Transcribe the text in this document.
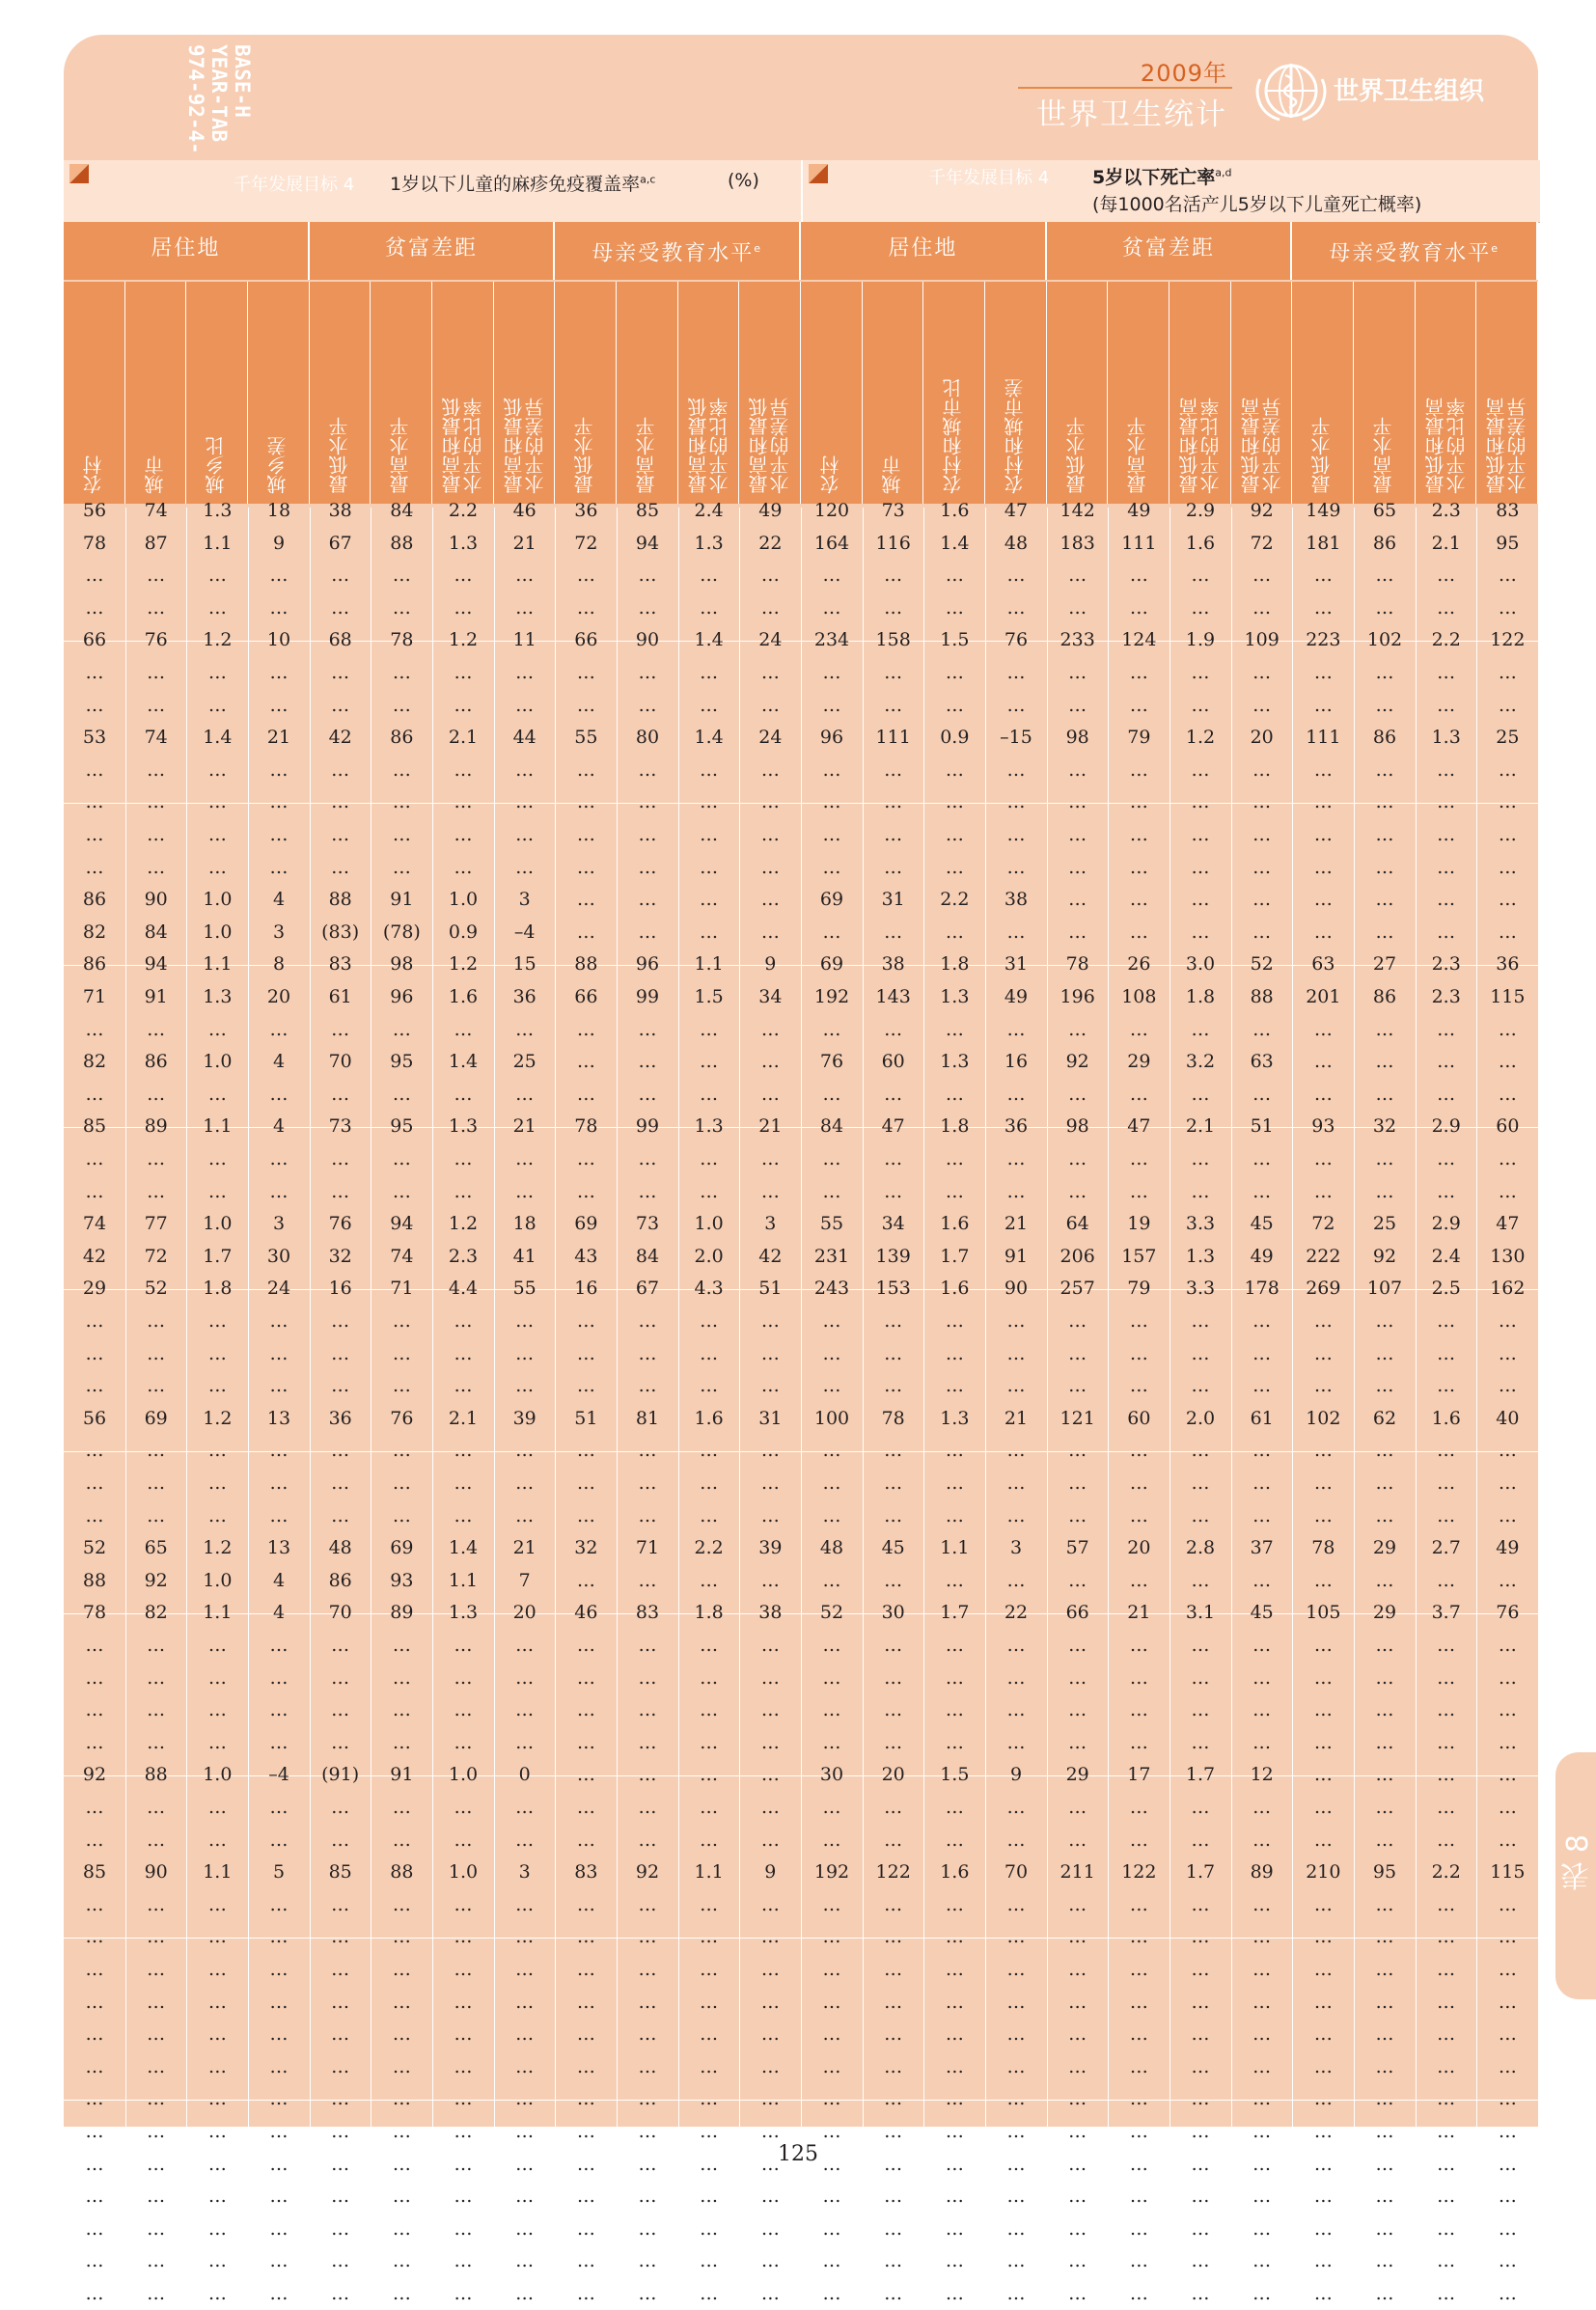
974-92-4- YEAR-TAB BASE-H	2009年
世界卫生统计
世界卫生组织
千年发展目标 4 1岁以下儿童的麻疹免疫覆盖率$^{a,c}$	(%)	千年发展目标 4 5岁以下死亡率$^{a,d}$
(每1000名活产儿5岁以下儿童死亡概率)
居住地	贫富差距	母亲受教育水平$^e$	居住地	贫富差距	母亲受教育水平$^e$
农村 城市 城乡比 城乡差 最低水平 最高水平 最高和最低
水平的比率 最高和最低
水平的差异 最低水平 最高水平 最高和最低
水平的比率 最高和最低
水平的差异 农村 城市 农村和城市比 农村和城市差 最低水平 最高水平 最低和最高
水平的比率 最低和最高
水平的差异 最低水平 最高水平 最低和最高
水平的比率 最低和最高
水平的差异
56	74	1.3	18	38	84	2.2	46	36	85	2.4	49	120	73	1.6	47	142	49	2.9	92	149	65	2.3	83
78	87	1.1	9	67	88	1.3	21	72	94	1.3	22	164	116	1.4	48	183	111	1.6	72	181	86	2.1	95
…	…	…	…	…	…	…	…	…	…	…	…	…	…	…	…	…	…	…	…	…	…	…	…
…	…	…	…	…	…	…	…	…	…	…	…	…	…	…	…	…	…	…	…	…	…	…	…
66	76	1.2	10	68	78	1.2	11	66	90	1.4	24	234	158	1.5	76	233	124	1.9	109	223	102	2.2	122
…	…	…	…	…	…	…	…	…	…	…	…	…	…	…	…	…	…	…	…	…	…	…	…
…	…	…	…	…	…	…	…	…	…	…	…	…	…	…	…	…	…	…	…	…	…	…	…
53	74	1.4	21	42	86	2.1	44	55	80	1.4	24	96	111	0.9	–15	98	79	1.2	20	111	86	1.3	25
…	…	…	…	…	…	…	…	…	…	…	…	…	…	…	…	…	…	…	…	…	…	…	…
…	…	…	…	…	…	…	…	…	…	…	…	…	…	…	…	…	…	…	…	…	…	…	…
…	…	…	…	…	…	…	…	…	…	…	…	…	…	…	…	…	…	…	…	…	…	…	…
…	…	…	…	…	…	…	…	…	…	…	…	…	…	…	…	…	…	…	…	…	…	…	…
86	90	1.0	4	88	91	1.0	3	…	…	…	…	69	31	2.2	38	…	…	…	…	…	…	…	…
82	84	1.0	3	(83)	(78)	0.9	–4	…	…	…	…	…	…	…	…	…	…	…	…	…	…	…	…
86	94	1.1	8	83	98	1.2	15	88	96	1.1	9	69	38	1.8	31	78	26	3.0	52	63	27	2.3	36
71	91	1.3	20	61	96	1.6	36	66	99	1.5	34	192	143	1.3	49	196	108	1.8	88	201	86	2.3	115
…	…	…	…	…	…	…	…	…	…	…	…	…	…	…	…	…	…	…	…	…	…	…	…
82	86	1.0	4	70	95	1.4	25	…	…	…	…	76	60	1.3	16	92	29	3.2	63	…	…	…	…
…	…	…	…	…	…	…	…	…	…	…	…	…	…	…	…	…	…	…	…	…	…	…	…
85	89	1.1	4	73	95	1.3	21	78	99	1.3	21	84	47	1.8	36	98	47	2.1	51	93	32	2.9	60
…	…	…	…	…	…	…	…	…	…	…	…	…	…	…	…	…	…	…	…	…	…	…	…
…	…	…	…	…	…	…	…	…	…	…	…	…	…	…	…	…	…	…	…	…	…	…	…
74	77	1.0	3	76	94	1.2	18	69	73	1.0	3	55	34	1.6	21	64	19	3.3	45	72	25	2.9	47
42	72	1.7	30	32	74	2.3	41	43	84	2.0	42	231	139	1.7	91	206	157	1.3	49	222	92	2.4	130
29	52	1.8	24	16	71	4.4	55	16	67	4.3	51	243	153	1.6	90	257	79	3.3	178	269	107	2.5	162
…	…	…	…	…	…	…	…	…	…	…	…	…	…	…	…	…	…	…	…	…	…	…	…
…	…	…	…	…	…	…	…	…	…	…	…	…	…	…	…	…	…	…	…	…	…	…	…
…	…	…	…	…	…	…	…	…	…	…	…	…	…	…	…	…	…	…	…	…	…	…	…
56	69	1.2	13	36	76	2.1	39	51	81	1.6	31	100	78	1.3	21	121	60	2.0	61	102	62	1.6	40
…	…	…	…	…	…	…	…	…	…	…	…	…	…	…	…	…	…	…	…	…	…	…	…
…	…	…	…	…	…	…	…	…	…	…	…	…	…	…	…	…	…	…	…	…	…	…	…
…	…	…	…	…	…	…	…	…	…	…	…	…	…	…	…	…	…	…	…	…	…	…	…
52	65	1.2	13	48	69	1.4	21	32	71	2.2	39	48	45	1.1	3	57	20	2.8	37	78	29	2.7	49
88	92	1.0	4	86	93	1.1	7	…	…	…	…	…	…	…	…	…	…	…	…	…	…	…	…
78	82	1.1	4	70	89	1.3	20	46	83	1.8	38	52	30	1.7	22	66	21	3.1	45	105	29	3.7	76
…	…	…	…	…	…	…	…	…	…	…	…	…	…	…	…	…	…	…	…	…	…	…	…
…	…	…	…	…	…	…	…	…	…	…	…	…	…	…	…	…	…	…	…	…	…	…	…
…	…	…	…	…	…	…	…	…	…	…	…	…	…	…	…	…	…	…	…	…	…	…	…
…	…	…	…	…	…	…	…	…	…	…	…	…	…	…	…	…	…	…	…	…	…	…	…
92	88	1.0	–4	(91)	91	1.0	0	…	…	…	…	30	20	1.5	9	29	17	1.7	12	…	…	…	…
…	…	…	…	…	…	…	…	…	…	…	…	…	…	…	…	…	…	…	…	…	…	…	…
…	…	…	…	…	…	…	…	…	…	…	…	…	…	…	…	…	…	…	…	…	…	…	…
85	90	1.1	5	85	88	1.0	3	83	92	1.1	9	192	122	1.6	70	211	122	1.7	89	210	95	2.2	115
…	…	…	…	…	…	…	…	…	…	…	…	…	…	…	…	…	…	…	…	…	…	…	…
…	…	…	…	…	…	…	…	…	…	…	…	…	…	…	…	…	…	…	…	…	…	…	…
…	…	…	…	…	…	…	…	…	…	…	…	…	…	…	…	…	…	…	…	…	…	…	…
…	…	…	…	…	…	…	…	…	…	…	…	…	…	…	…	…	…	…	…	…	…	…	…
…	…	…	…	…	…	…	…	…	…	…	…	…	…	…	…	…	…	…	…	…	…	…	…
…	…	…	…	…	…	…	…	…	…	…	…	…	…	…	…	…	…	…	…	…	…	…	…
…	…	…	…	…	…	…	…	…	…	…	…	…	…	…	…	…	…	…	…	…	…	…	…
…	…	…	…	…	…	…	…	…	…	…	…	…	…	…	…	…	…	…	…	…	…	…	…
…	…	…	…	…	…	…	…	…	…	…	…	…	…	…	…	…	…	…	…	…	…	…	…
…	…	…	…	…	…	…	…	…	…	…	…	…	…	…	…	…	…	…	…	…	…	…	…
…	…	…	…	…	…	…	…	…	…	…	…	…	…	…	…	…	…	…	…	…	…	…	…
…	…	…	…	…	…	…	…	…	…	…	…	…	…	…	…	…	…	…	…	…	…	…	…
…	…	…	…	…	…	…	…	…	…	…	…	…	…	…	…	…	…	…	…	…	…	…	…
125
表 8
